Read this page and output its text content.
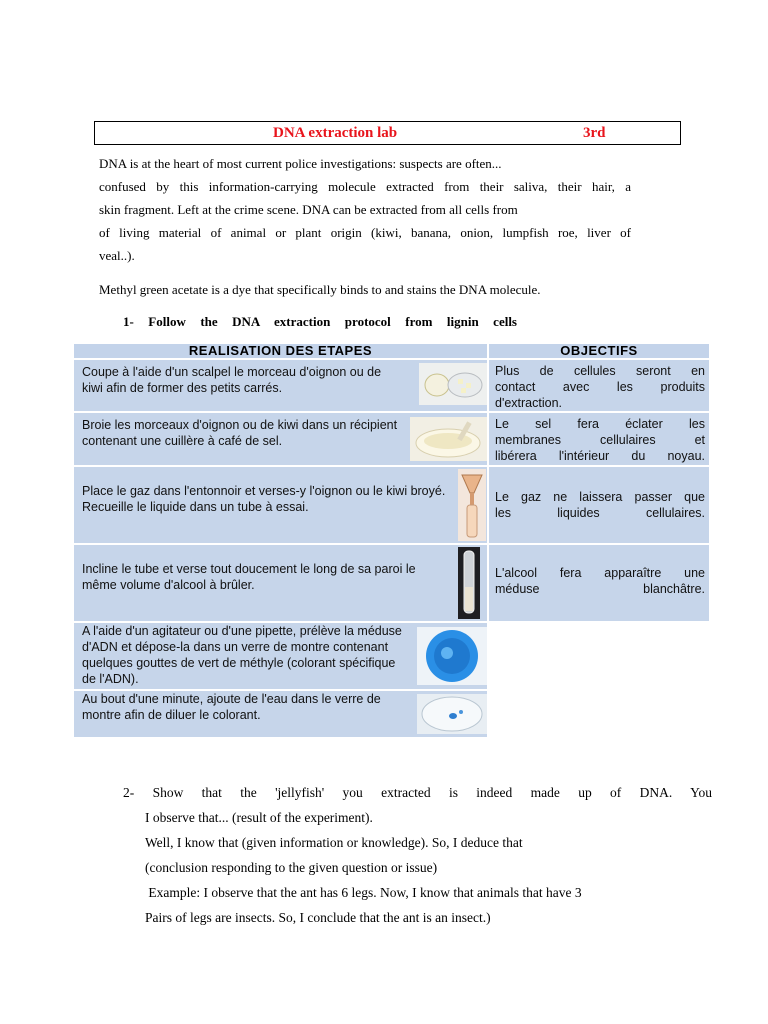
DNA extraction lab	3rd
DNA is at the heart of most current police investigations: suspects are often...
confused by this information-carrying molecule extracted from their saliva, their hair, a
skin fragment. Left at the crime scene. DNA can be extracted from all cells from
of living material of animal or plant origin (kiwi, banana, onion, lumpfish roe, liver of
veal..).
Methyl green acetate is a dye that specifically binds to and stains the DNA molecule.
1- Follow the DNA extraction protocol from lignin cells
REALISATION DES ETAPES	OBJECTIFS

Coupe à l'aide d'un scalpel le morceau d'oignon ou de kiwi afin de former des petits carrés.	Plus de cellules seront en
contact avec les produits
d'extraction.

Broie les morceaux d'oignon ou de kiwi dans un récipient contenant une cuillère à café de sel.	Le sel fera éclater les
membranes cellulaires et
libérera l'intérieur du noyau.

Place le gaz dans l'entonnoir et verses-y l'oignon ou le kiwi broyé. Recueille le liquide dans un tube à essai.	Le gaz ne laissera passer que
les liquides cellulaires.

Incline le tube et verse tout doucement le long de sa paroi le même volume d'alcool à brûler.	L'alcool fera apparaître une
méduse blanchâtre.

A l'aide d'un agitateur ou d'une pipette, prélève la méduse d'ADN et dépose-la dans un verre de montre contenant quelques gouttes de vert de méthyle (colorant spécifique de l'ADN).	

Au bout d'une minute, ajoute de l'eau dans le verre de montre afin de diluer le colorant.	

2- Show that the 'jellyfish' you extracted is indeed made up of DNA. You
I observe that... (result of the experiment).
Well, I know that (given information or knowledge). So, I deduce that
(conclusion responding to the given question or issue)
Example: I observe that the ant has 6 legs. Now, I know that animals that have 3
Pairs of legs are insects. So, I conclude that the ant is an insect.)
